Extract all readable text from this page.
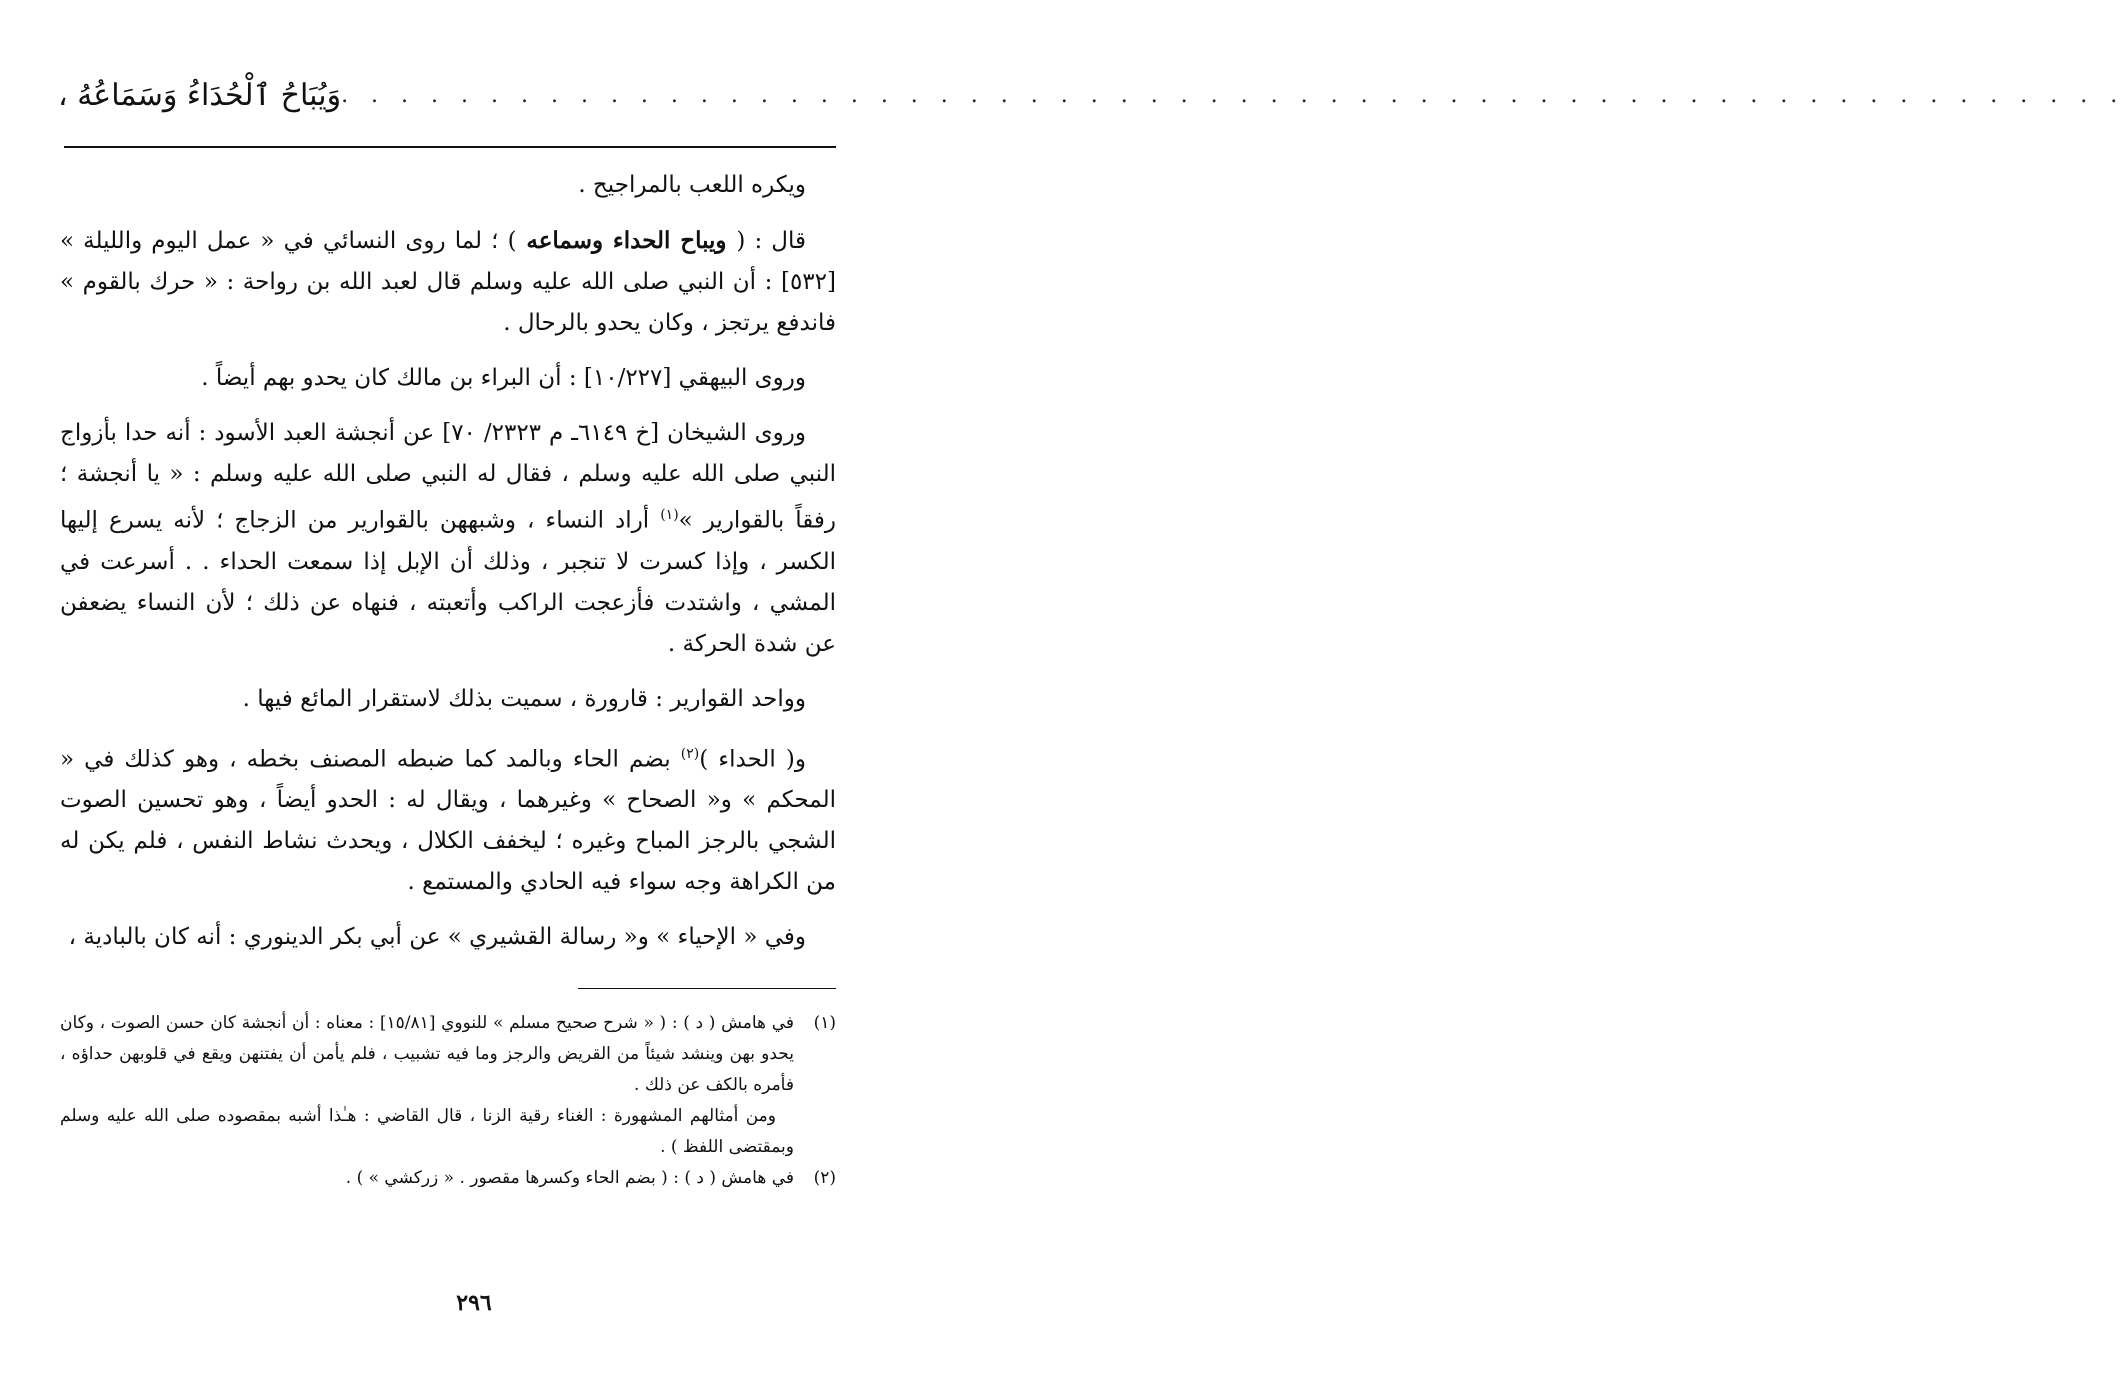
وَيُبَاحُ ٱلْحُدَاءُ وَسَمَاعُهُ ، . . . . . . . . . . . . . . . . . . . . . . . . . . . . . . . . . . . . . . . . . . . . . . . . . . . . . . . . . . . .

ويكره اللعب بالمراجيح .

قال : ( ويباح الحداء وسماعه ) ؛ لما روى النسائي في « عمل اليوم والليلة » [٥٣٢] : أن النبي صلى الله عليه وسلم قال لعبد الله بن رواحة : « حرك بالقوم » فاندفع يرتجز ، وكان يحدو بالرحال .

وروى البيهقي [١٠/٢٢٧] : أن البراء بن مالك كان يحدو بهم أيضاً .

وروى الشيخان [خ ٦١٤٩ـ م ٢٣٢٣/ ٧٠] عن أنجشة العبد الأسود : أنه حدا بأزواج النبي صلى الله عليه وسلم ، فقال له النبي صلى الله عليه وسلم : « يا أنجشة ؛ رفقاً بالقوارير »$^{(١)}$ أراد النساء ، وشبههن بالقوارير من الزجاج ؛ لأنه يسرع إليها الكسر ، وإذا كسرت لا تنجبر ، وذلك أن الإبل إذا سمعت الحداء . . أسرعت في المشي ، واشتدت فأزعجت الراكب وأتعبته ، فنهاه عن ذلك ؛ لأن النساء يضعفن عن شدة الحركة .

وواحد القوارير : قارورة ، سميت بذلك لاستقرار المائع فيها .

و( الحداء )$^{(٢)}$ بضم الحاء وبالمد كما ضبطه المصنف بخطه ، وهو كذلك في « المحكم » و« الصحاح » وغيرهما ، ويقال له : الحدو أيضاً ، وهو تحسين الصوت الشجي بالرجز المباح وغيره ؛ ليخفف الكلال ، ويحدث نشاط النفس ، فلم يكن له من الكراهة وجه سواء فيه الحادي والمستمع .

وفي « الإحياء » و« رسالة القشيري » عن أبي بكر الدينوري : أنه كان بالبادية ،

(١)

في هامش ( د ) : ( « شرح صحيح مسلم » للنووي [١٥/٨١] : معناه : أن أنجشة كان حسن الصوت ، وكان يحدو بهن وينشد شيئاً من القريض والرجز وما فيه تشبيب ، فلم يأمن أن يفتنهن ويقع في قلوبهن حداؤه ، فأمره بالكف عن ذلك .

ومن أمثالهم المشهورة : الغناء رقية الزنا ، قال القاضي : هـٰذا أشبه بمقصوده صلى الله عليه وسلم وبمقتضى اللفظ ) .

(٢)

في هامش ( د ) : ( بضم الحاء وكسرها مقصور . « زركشي » ) .

٢٩٦
